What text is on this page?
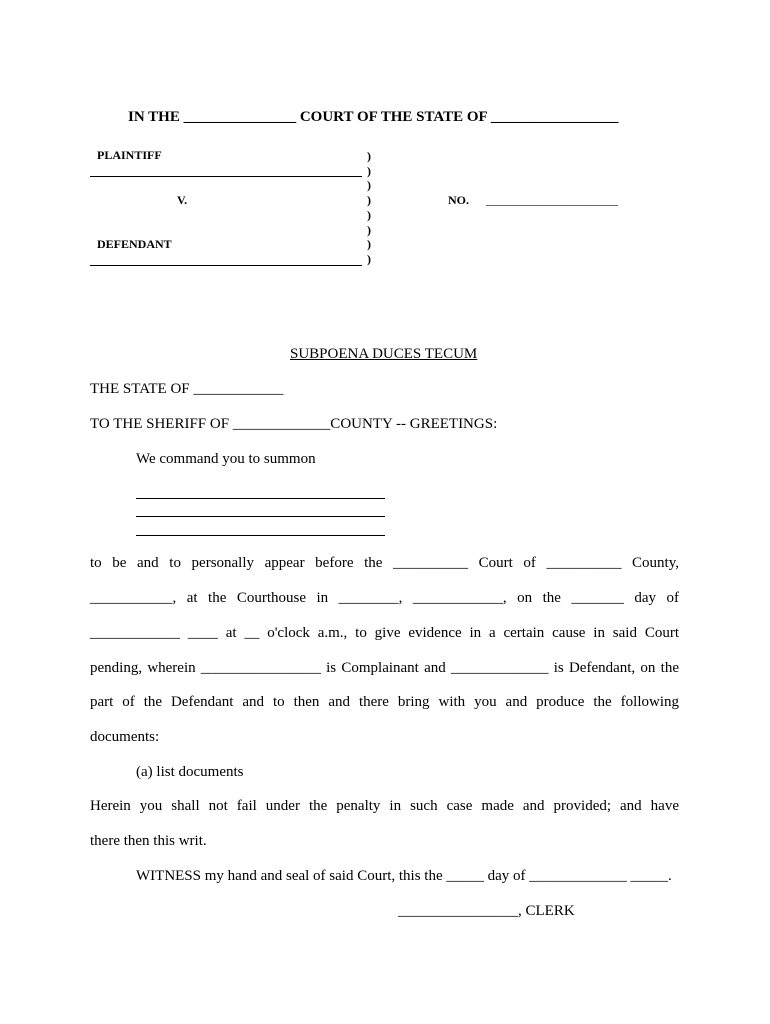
IN THE _______________ COURT OF THE STATE OF _________________
PLAINTIFF
V.
DEFENDANT
)
)
)
)
)
)
)
)
NO. ______________________
SUBPOENA DUCES TECUM
THE STATE OF ____________
TO THE SHERIFF OF _____________COUNTY -- GREETINGS:
We command you to summon
to be and to personally appear before the __________ Court of __________ County,
___________, at the Courthouse in ________, ____________, on the _______ day of
____________ ____ at __ o'clock a.m., to give evidence in a certain cause in said Court
pending, wherein ________________ is Complainant and _____________ is Defendant, on the
part of the Defendant and to then and there bring with you and produce the following
documents:
(a) list documents
Herein you shall not fail under the penalty in such case made and provided; and have
there then this writ.
WITNESS my hand and seal of said Court, this the _____ day of _____________ _____.
________________, CLERK
